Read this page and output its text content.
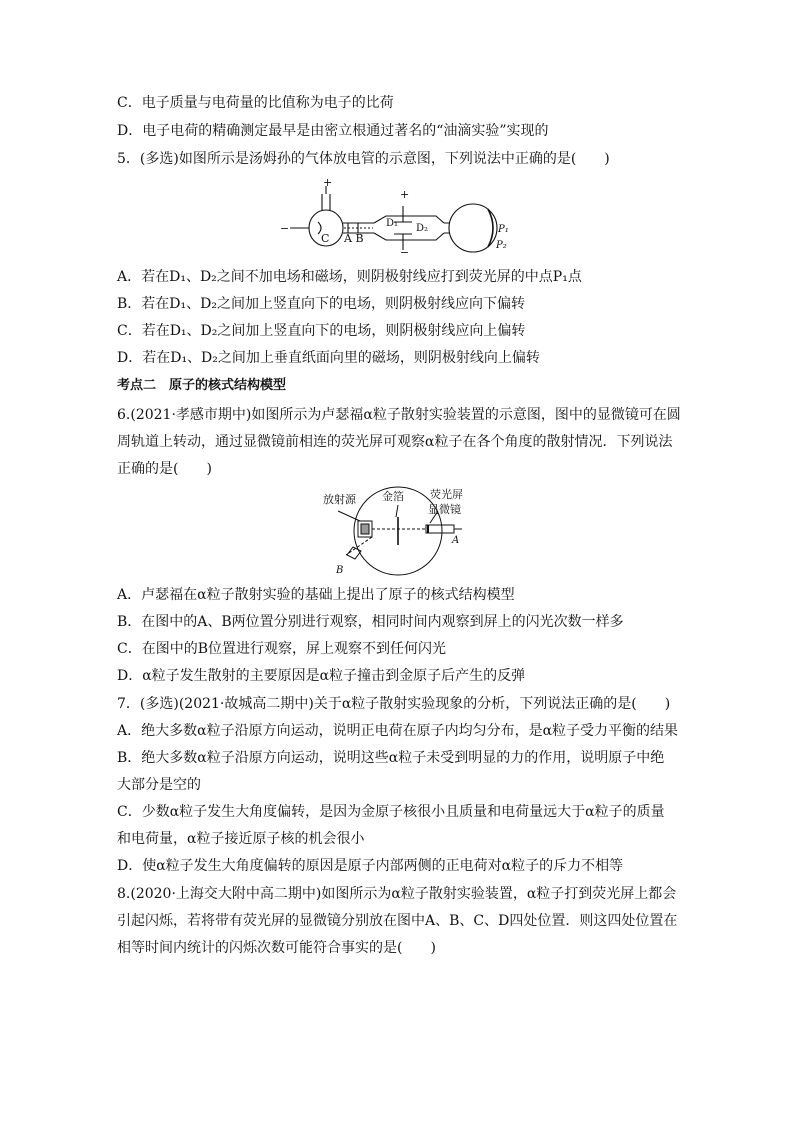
C．电子质量与电荷量的比值称为电子的比荷
D．电子电荷的精确测定最早是由密立根通过著名的“油滴实验”实现的
5．(多选)如图所示是汤姆孙的气体放电管的示意图，下列说法中正确的是(　　)
+
−
C A B
+
D₁ D₂
−
P₁
P₂
A．若在D₁、D₂之间不加电场和磁场，则阴极射线应打到荧光屏的中点P₁点
B．若在D₁、D₂之间加上竖直向下的电场，则阴极射线应向下偏转
C．若在D₁、D₂之间加上竖直向下的电场，则阴极射线应向上偏转
D．若在D₁、D₂之间加上垂直纸面向里的磁场，则阴极射线向上偏转
考点二　原子的核式结构模型
6.(2021·孝感市期中)如图所示为卢瑟福α粒子散射实验装置的示意图，图中的显微镜可在圆
周轨道上转动，通过显微镜前相连的荧光屏可观察α粒子在各个角度的散射情况．下列说法
正确的是(　　)
放射源 金箔 荧光屏
显微镜
A
B
A．卢瑟福在α粒子散射实验的基础上提出了原子的核式结构模型
B．在图中的A、B两位置分别进行观察，相同时间内观察到屏上的闪光次数一样多
C．在图中的B位置进行观察，屏上观察不到任何闪光
D．α粒子发生散射的主要原因是α粒子撞击到金原子后产生的反弹
7．(多选)(2021·故城高二期中)关于α粒子散射实验现象的分析，下列说法正确的是(　　)
A．绝大多数α粒子沿原方向运动，说明正电荷在原子内均匀分布，是α粒子受力平衡的结果
B．绝大多数α粒子沿原方向运动，说明这些α粒子未受到明显的力的作用，说明原子中绝
大部分是空的
C．少数α粒子发生大角度偏转，是因为金原子核很小且质量和电荷量远大于α粒子的质量
和电荷量，α粒子接近原子核的机会很小
D．使α粒子发生大角度偏转的原因是原子内部两侧的正电荷对α粒子的斥力不相等
8.(2020·上海交大附中高二期中)如图所示为α粒子散射实验装置，α粒子打到荧光屏上都会
引起闪烁，若将带有荧光屏的显微镜分别放在图中A、B、C、D四处位置．则这四处位置在
相等时间内统计的闪烁次数可能符合事实的是(　　)
